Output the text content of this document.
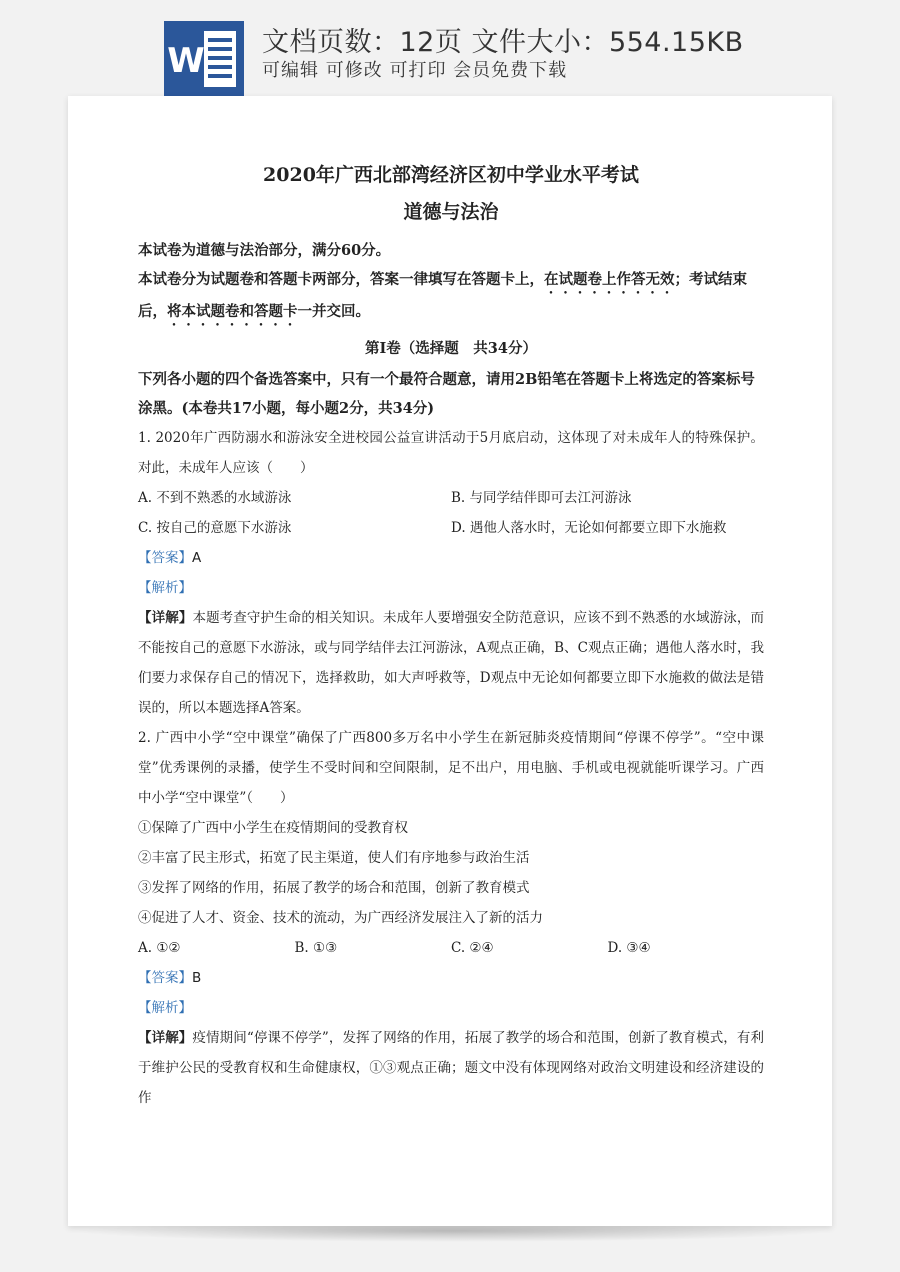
W 文档页数：12页 文件大小：554.15KB
可编辑 可修改 可打印 会员免费下载
2020年广西北部湾经济区初中学业水平考试
道德与法治
本试卷为道德与法治部分，满分60分。
本试卷分为试题卷和答题卡两部分，答案一律填写在答题卡上，在试题卷上作答无效；考试结束后，将本试题卷和答题卡一并交回。
第Ⅰ卷（选择题　共34分）
下列各小题的四个备选答案中，只有一个最符合题意，请用2B铅笔在答题卡上将选定的答案标号涂黑。(本卷共17小题，每小题2分，共34分)

1. 2020年广西防溺水和游泳安全进校园公益宣讲活动于5月底启动，这体现了对未成年人的特殊保护。对此，未成年人应该（　　）

A. 不到不熟悉的水域游泳	B. 与同学结伴即可去江河游泳
C. 按自己的意愿下水游泳	D. 遇他人落水时，无论如何都要立即下水施救

【答案】A

【解析】

【详解】本题考查守护生命的相关知识。未成年人要增强安全防范意识，应该不到不熟悉的水域游泳，而不能按自己的意愿下水游泳，或与同学结伴去江河游泳，A观点正确，B、C观点正确；遇他人落水时，我们要力求保存自己的情况下，选择救助，如大声呼救等，D观点中无论如何都要立即下水施救的做法是错误的，所以本题选择A答案。

2. 广西中小学“空中课堂”确保了广西800多万名中小学生在新冠肺炎疫情期间“停课不停学”。“空中课堂”优秀课例的录播，使学生不受时间和空间限制，足不出户，用电脑、手机或电视就能听课学习。广西中小学“空中课堂”（　　）

①保障了广西中小学生在疫情期间的受教育权

②丰富了民主形式，拓宽了民主渠道，使人们有序地参与政治生活

③发挥了网络的作用，拓展了教学的场合和范围，创新了教育模式

④促进了人才、资金、技术的流动，为广西经济发展注入了新的活力

A. ①②	B. ①③	C. ②④	D. ③④

【答案】B

【解析】

【详解】疫情期间“停课不停学”，发挥了网络的作用，拓展了教学的场合和范围，创新了教育模式，有利于维护公民的受教育权和生命健康权，①③观点正确；题文中没有体现网络对政治文明建设和经济建设的作
